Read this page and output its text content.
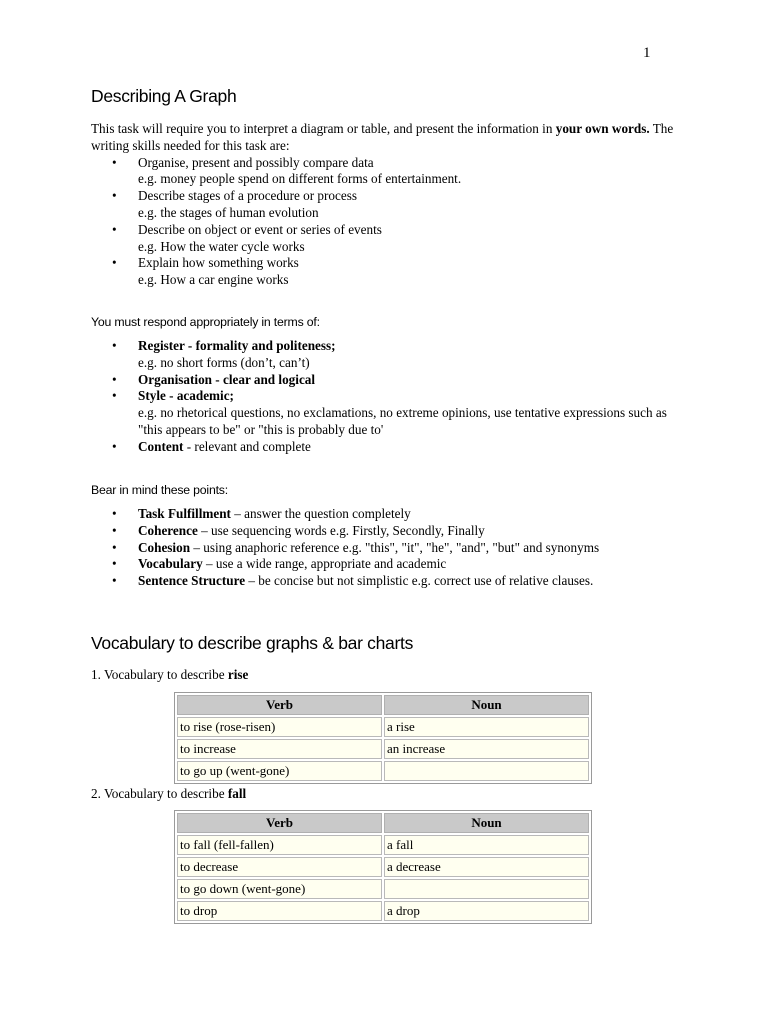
1
Describing A Graph

This task will require you to interpret a diagram or table, and present the information in your own words. The writing skills needed for this task are:

• Organise, present and possibly compare data
e.g. money people spend on different forms of entertainment.
• Describe stages of a procedure or process
e.g. the stages of human evolution
• Describe on object or event or series of events
e.g. How the water cycle works
• Explain how something works
e.g. How a car engine works
You must respond appropriately in terms of:
• Register - formality and politeness;
e.g. no short forms (don’t, can’t)
• Organisation - clear and logical
• Style - academic;
e.g. no rhetorical questions, no exclamations, no extreme opinions, use tentative expressions such as "this appears to be" or "this is probably due to'
• Content - relevant and complete
Bear in mind these points:
• Task Fulfillment – answer the question completely
• Coherence – use sequencing words e.g. Firstly, Secondly, Finally
• Cohesion – using anaphoric reference e.g. "this", "it", "he", "and", "but" and synonyms
• Vocabulary – use a wide range, appropriate and academic
• Sentence Structure – be concise but not simplistic e.g. correct use of relative clauses.
Vocabulary to describe graphs & bar charts

1. Vocabulary to describe rise

Verb	Noun
to rise (rose-risen)	a rise
to increase	an increase
to go up (went-gone)	

2. Vocabulary to describe fall

Verb	Noun
to fall (fell-fallen)	a fall
to decrease	a decrease
to go down (went-gone)	
to drop	a drop
